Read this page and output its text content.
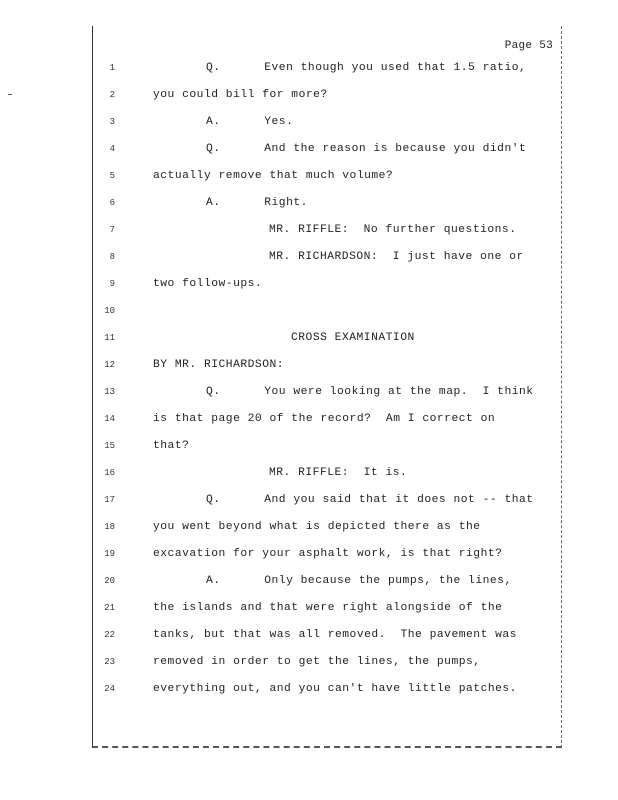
Page 53
1	Q.      Even though you used that 1.5 ratio,
2	you could bill for more?
3	A.      Yes.
4	Q.      And the reason is because you didn't
5	actually remove that much volume?
6	A.      Right.
7	MR. RIFFLE:  No further questions.
8	MR. RICHARDSON:  I just have one or
9	two follow-ups.
10
11	CROSS EXAMINATION
12	BY MR. RICHARDSON:
13	Q.      You were looking at the map.  I think
14	is that page 20 of the record?  Am I correct on
15	that?
16	MR. RIFFLE:  It is.
17	Q.      And you said that it does not -- that
18	you went beyond what is depicted there as the
19	excavation for your asphalt work, is that right?
20	A.      Only because the pumps, the lines,
21	the islands and that were right alongside of the
22	tanks, but that was all removed.  The pavement was
23	removed in order to get the lines, the pumps,
24	everything out, and you can't have little patches.
